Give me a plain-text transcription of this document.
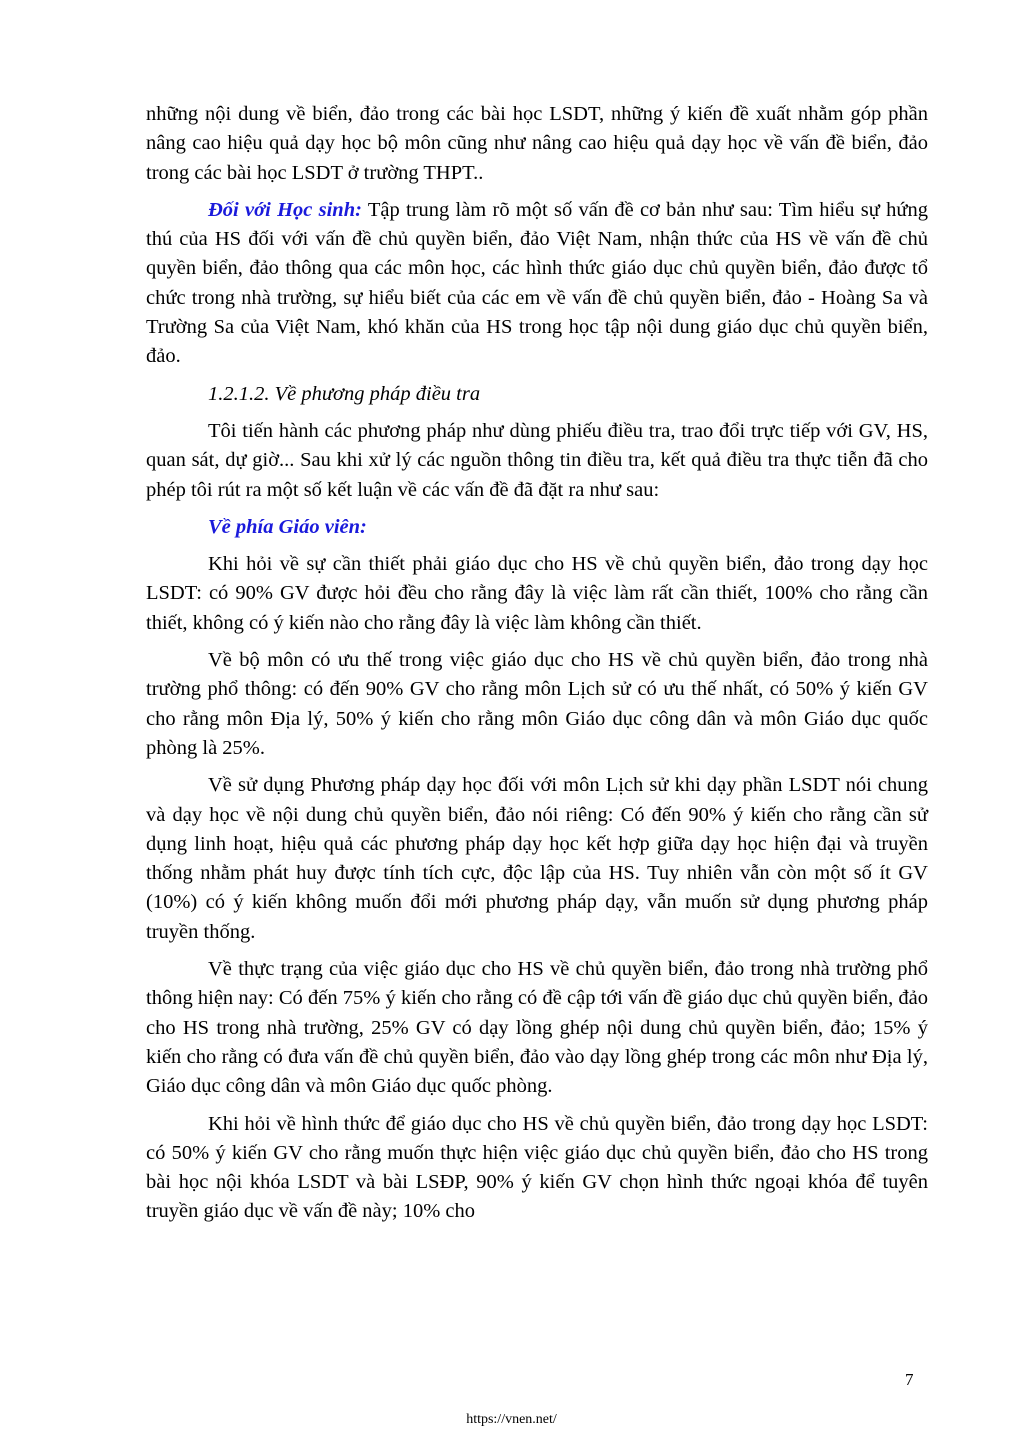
những nội dung về biển, đảo trong các bài học LSDT, những ý kiến đề xuất nhằm góp phần nâng cao hiệu quả dạy học bộ môn cũng như nâng cao hiệu quả dạy học về vấn đề biển, đảo trong các bài học LSDT ở trường THPT..

Đối với Học sinh: Tập trung làm rõ một số vấn đề cơ bản như sau: Tìm hiểu sự hứng thú của HS đối với vấn đề chủ quyền biển, đảo Việt Nam, nhận thức của HS về vấn đề chủ quyền biển, đảo thông qua các môn học, các hình thức giáo dục chủ quyền biển, đảo được tổ chức trong nhà trường, sự hiểu biết của các em về vấn đề chủ quyền biển, đảo - Hoàng Sa và Trường Sa của Việt Nam, khó khăn của HS trong học tập nội dung giáo dục chủ quyền biển, đảo.

1.2.1.2. Về phương pháp điều tra

Tôi tiến hành các phương pháp như dùng phiếu điều tra, trao đổi trực tiếp với GV, HS, quan sát, dự giờ... Sau khi xử lý các nguồn thông tin điều tra, kết quả điều tra thực tiễn đã cho phép tôi rút ra một số kết luận về các vấn đề đã đặt ra như sau:

Về phía Giáo viên:

Khi hỏi về sự cần thiết phải giáo dục cho HS về chủ quyền biển, đảo trong dạy học LSDT: có 90% GV được hỏi đều cho rằng đây là việc làm rất cần thiết, 100% cho rằng cần thiết, không có ý kiến nào cho rằng đây là việc làm không cần thiết.

Về bộ môn có ưu thế trong việc giáo dục cho HS về chủ quyền biển, đảo trong nhà trường phổ thông: có đến 90% GV cho rằng môn Lịch sử có ưu thế nhất, có 50% ý kiến GV cho rằng môn Địa lý, 50% ý kiến cho rằng môn Giáo dục công dân và môn Giáo dục quốc phòng là 25%.

Về sử dụng Phương pháp dạy học đối với môn Lịch sử khi dạy phần LSDT nói chung và dạy học về nội dung chủ quyền biển, đảo nói riêng: Có đến 90% ý kiến cho rằng cần sử dụng linh hoạt, hiệu quả các phương pháp dạy học kết hợp giữa dạy học hiện đại và truyền thống nhằm phát huy được tính tích cực, độc lập của HS. Tuy nhiên vẫn còn một số ít GV (10%) có ý kiến không muốn đổi mới phương pháp dạy, vẫn muốn sử dụng phương pháp truyền thống.

Về thực trạng của việc giáo dục cho HS về chủ quyền biển, đảo trong nhà trường phổ thông hiện nay: Có đến 75% ý kiến cho rằng có đề cập tới vấn đề giáo dục chủ quyền biển, đảo cho HS trong nhà trường, 25% GV có dạy lồng ghép nội dung chủ quyền biển, đảo; 15% ý kiến cho rằng có đưa vấn đề chủ quyền biển, đảo vào dạy lồng ghép trong các môn như Địa lý, Giáo dục công dân và môn Giáo dục quốc phòng.

Khi hỏi về hình thức để giáo dục cho HS về chủ quyền biển, đảo trong dạy học LSDT: có 50% ý kiến GV cho rằng muốn thực hiện việc giáo dục chủ quyền biển, đảo cho HS trong bài học nội khóa LSDT và bài LSĐP, 90% ý kiến GV chọn hình thức ngoại khóa để tuyên truyền giáo dục về vấn đề này; 10% cho

7
https://vnen.net/
